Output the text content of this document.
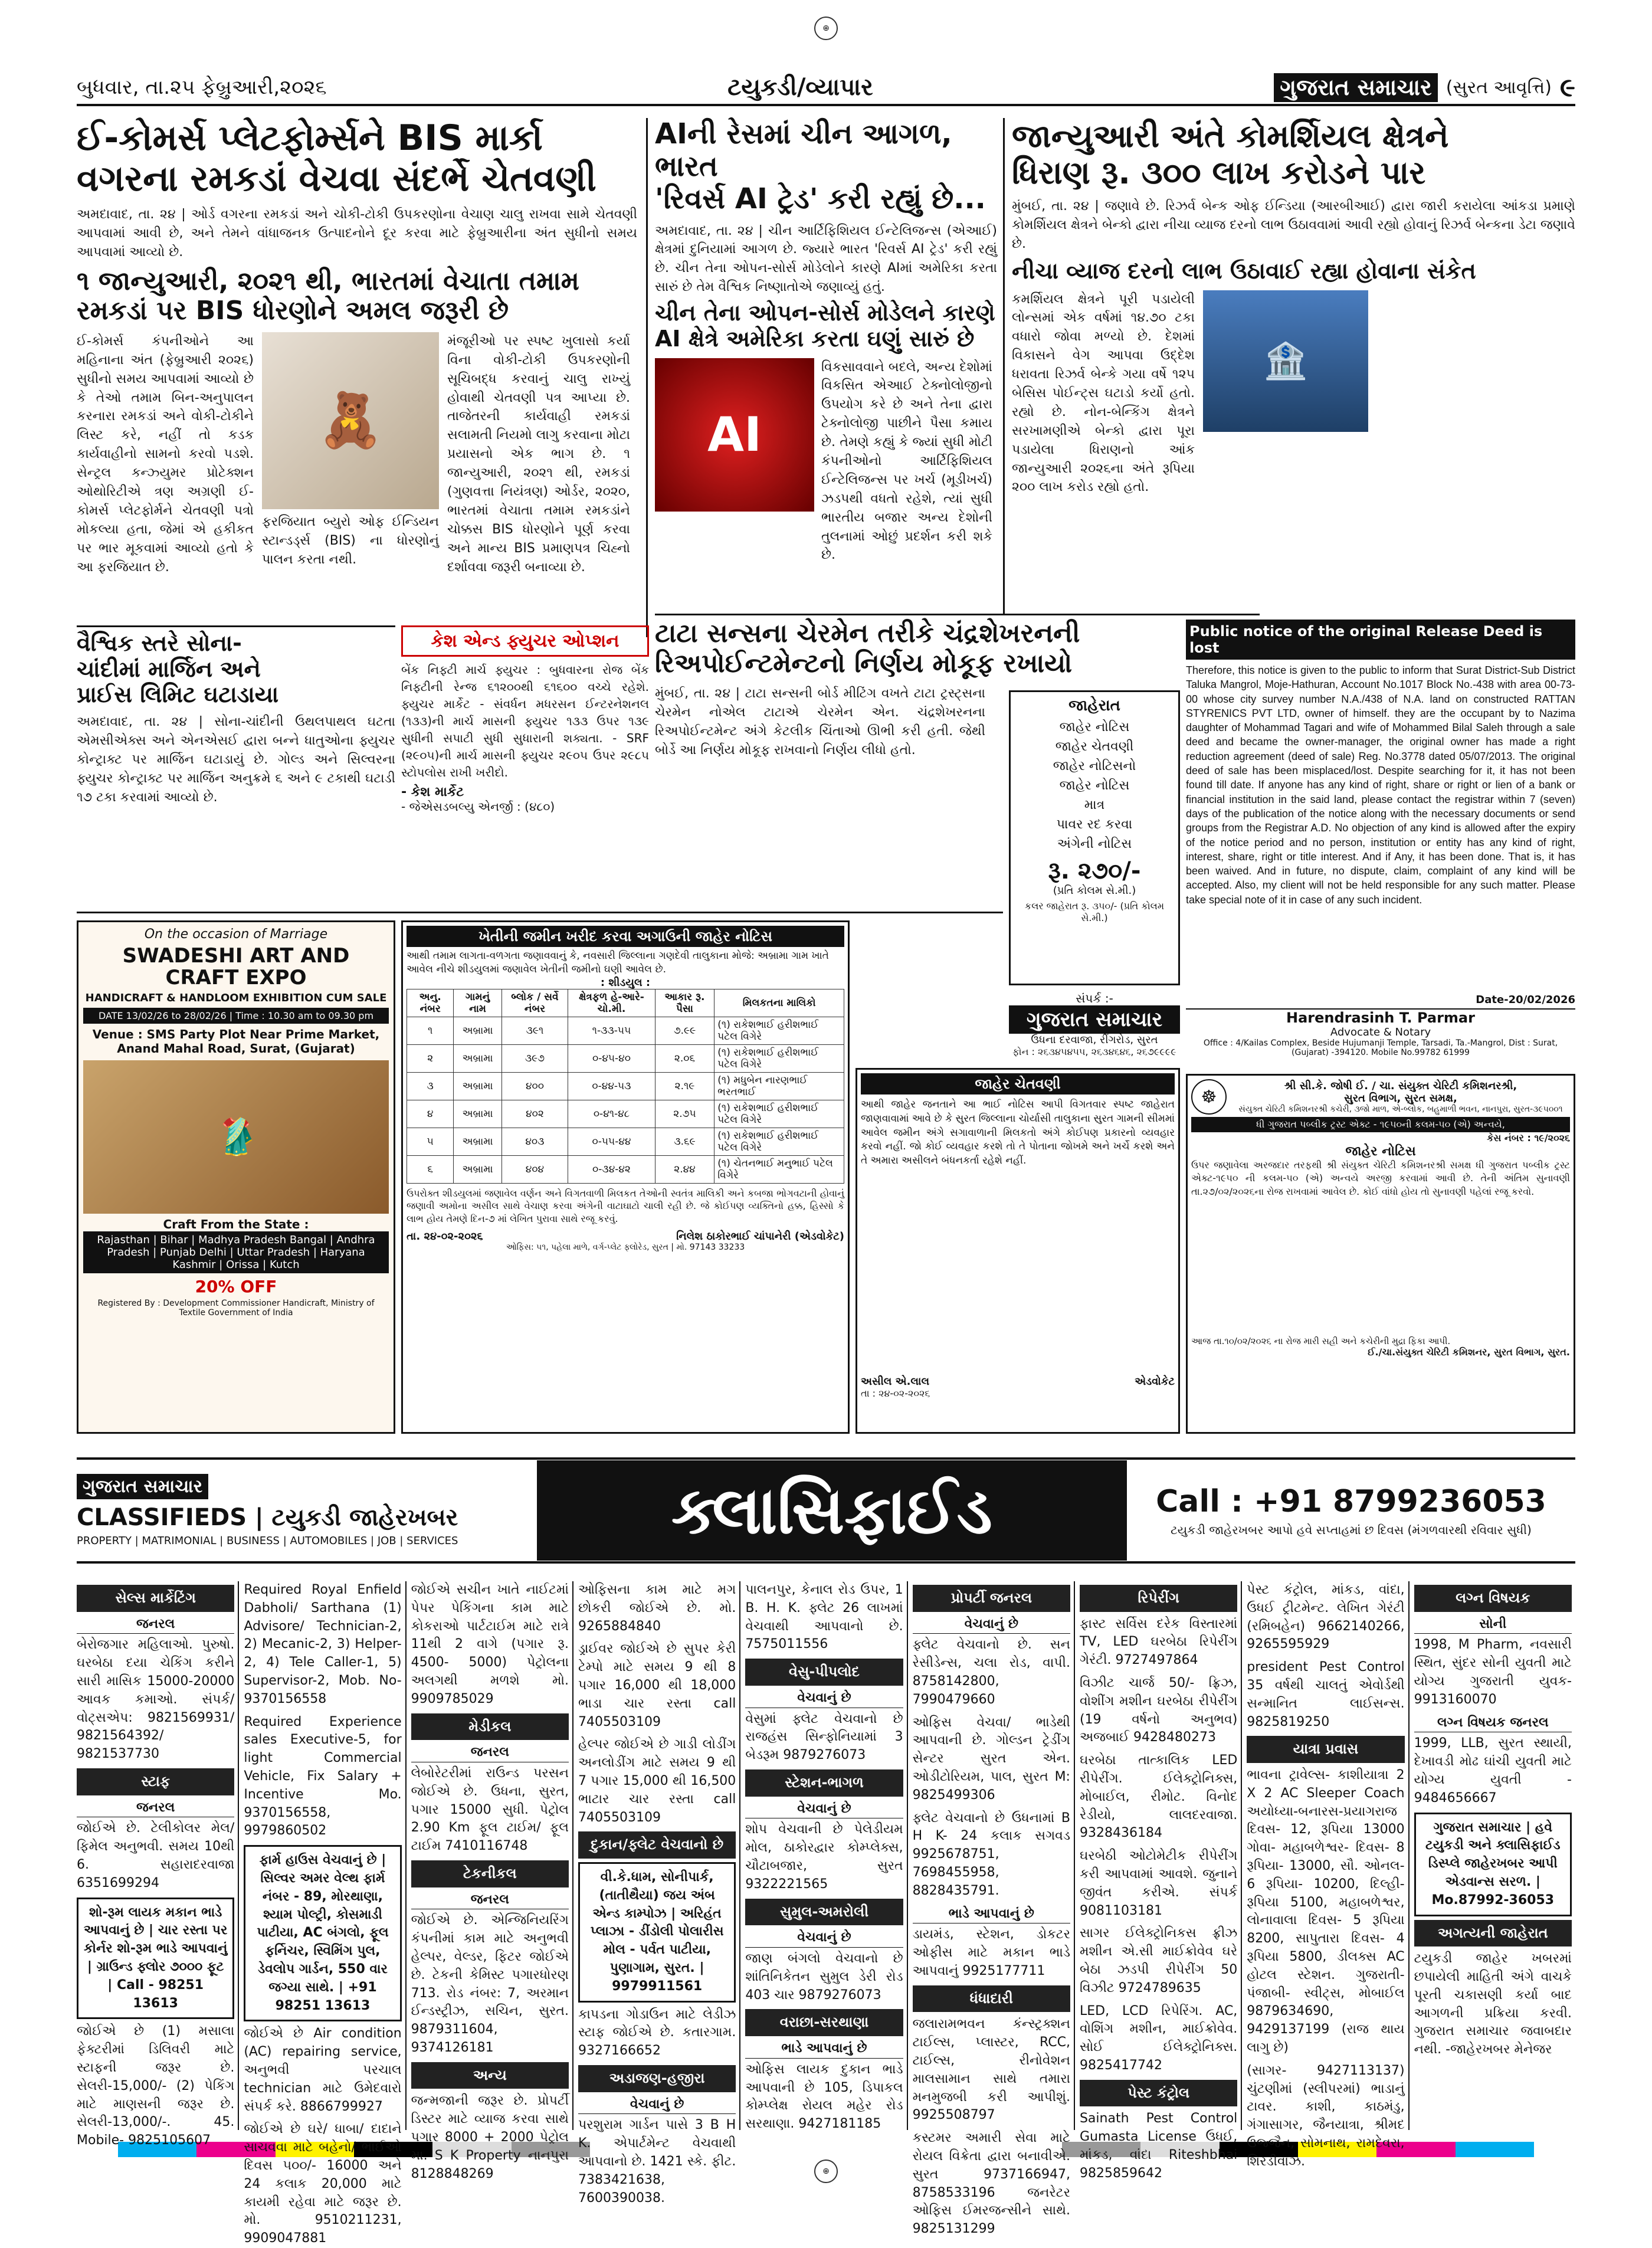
⊕
⊕
બુધવાર, તા.૨૫ ફેબ્રુઆરી,૨૦૨૬	ટયુકડી/વ્યાપાર	ગુજરાત સમાચાર (સુરત આવૃત્તિ) ૯
ઈ-કોમર્સ પ્લેટફોર્મ્સને BIS માર્કા
વગરના રમકડાં વેચવા સંદર્ભે ચેતવણી
અમદાવાદ, તા. ૨૪ | ઓર્ડ વગરના રમકડાં અને ચોકી-ટોકી ઉપકરણોના વેચાણ ચાલુ રાખવા સામે ચેતવણી આપવામાં આવી છે, અને તેમને વાંધાજનક ઉત્પાદનોને દૂર કરવા માટે ફેબ્રુઆરીના અંત સુધીનો સમય આપવામાં આવ્યો છે.
૧ જાન્યુઆરી, ૨૦૨૧ થી, ભારતમાં વેચાતા તમામ
રમકડાં પર BIS ધોરણોને અમલ જરૂરી છે
ઈ-કોમર્સ કંપનીઓને આ મહિનાના અંત (ફેબ્રુઆરી ૨૦૨૬) સુધીનો સમય આપવામાં આવ્યો છે કે તેઓ તમામ બિન-અનુપાલન કરનારા રમકડાં અને વોકી-ટોકીને લિસ્ટ કરે, નહીં તો કડક કાર્યવાહીનો સામનો કરવો પડશે. સેન્ટ્રલ કન્ઝ્યુમર પ્રોટેક્શન ઓથોરિટીએ ત્રણ અગ્રણી ઈ-કોમર્સ પ્લેટફોર્મને ચેતવણી પત્રો મોકલ્યા હતા, જેમાં એ હકીકત પર ભાર મૂકવામાં આવ્યો હતો કે આ ફરજિયાત છે.
🧸
ફરજિયાત બ્યુરો ઓફ ઈન્ડિયન સ્ટાન્ડર્ડ્સ (BIS) ના ધોરણોનું પાલન કરતા નથી.
મંજૂરીઓ પર સ્પષ્ટ ખુલાસો કર્યા વિના વોકી-ટોકી ઉપકરણોની સૂચિબદ્ધ કરવાનું ચાલુ રાખ્યું હોવાથી ચેતવણી પત્ર આપ્યા છે. તાજેતરની કાર્યવાહી રમકડાં સલામતી નિયમો લાગુ કરવાના મોટા પ્રયાસનો એક ભાગ છે. ૧ જાન્યુઆરી, ૨૦૨૧ થી, રમકડાં (ગુણવત્તા નિયંત્રણ) ઓર્ડર, ૨૦૨૦, ભારતમાં વેચાતા તમામ રમકડાંને ચોક્કસ BIS ધોરણોને પૂર્ણ કરવા અને માન્ય BIS પ્રમાણપત્ર ચિહ્નો દર્શાવવા જરૂરી બનાવ્યા છે.
AIની રેસમાં ચીન આગળ, ભારત
'રિવર્સ AI ટ્રેડ' કરી રહ્યું છે...
અમદાવાદ, તા. ૨૪ | ચીન આર્ટિફિશિયલ ઈન્ટેલિજન્સ (એઆઈ) ક્ષેત્રમાં દુનિયામાં આગળ છે. જ્યારે ભારત 'રિવર્સ AI ટ્રેડ' કરી રહ્યું છે. ચીન તેના ઓપન-સોર્સ મોડેલોને કારણે AIમાં અમેરિકા કરતા સારું છે તેમ વૈશ્વિક નિષ્ણાતોએ જણાવ્યું હતું.
ચીન તેના ઓપન-સોર્સ મોડેલને કારણે
AI ક્ષેત્રે અમેરિકા કરતા ઘણું સારું છે
AI
વિકસાવવાને બદલે, અન્ય દેશોમાં વિકસિત એઆઈ ટેક્નોલોજીનો ઉપયોગ કરે છે અને તેના દ્વારા ટેક્નોલોજી પાછીને પૈસા કમાય છે. તેમણે કહ્યું કે જ્યાં સુધી મોટી કંપનીઓનો આર્ટિફિશિયલ ઈન્ટેલિજન્સ પર ખર્ચ (મૂડીખર્ચ) ઝડપથી વધતો રહેશે, ત્યાં સુધી ભારતીય બજાર અન્ય દેશોની તુલનામાં ઓછું પ્રદર્શન કરી શકે છે.
ટાટા સન્સના ચેરમેન તરીકે ચંદ્રશેખરનની
રિઅપોઈન્ટમેન્ટનો નિર્ણય મોકૂફ રખાયો
મુંબઈ, તા. ૨૪ | ટાટા સન્સની બોર્ડ મીટિંગ વખતે ટાટા ટ્રસ્ટ્સના ચેરમેન નોએલ ટાટાએ ચેરમેન એન. ચંદ્રશેખરનના રિઅપોઈન્ટમેન્ટ અંગે કેટલીક ચિંતાઓ ઊભી કરી હતી. જેથી બોર્ડે આ નિર્ણય મોકૂફ રાખવાનો નિર્ણય લીધો હતો.
જાન્યુઆરી અંતે કોમર્શિયલ ક્ષેત્રને
ધિરાણ રૂ. ૩૦૦ લાખ કરોડને પાર
મુંબઈ, તા. ૨૪ | જણાવે છે. રિઝર્વ બેન્ક ઓફ ઈન્ડિયા (આરબીઆઈ) દ્વારા જારી કરાયેલા આંકડા પ્રમાણે કોમર્શિયલ ક્ષેત્રને બેન્કો દ્વારા નીચા વ્યાજ દરનો લાભ ઉઠાવવામાં આવી રહ્યો હોવાનું રિઝર્વ બેન્કના ડેટા જણાવે છે.
નીચા વ્યાજ દરનો લાભ ઉઠાવાઈ રહ્યા હોવાના સંકેત
કમર્શિયલ ક્ષેત્રને પૂરી પડાયેલી લોન્સમાં એક વર્ષમાં ૧૪.૭૦ ટકા વધારો જોવા મળ્યો છે. દેશમાં વિકાસને વેગ આપવા ઉદ્દેશ ધરાવતા રિઝર્વ બેન્કે ગયા વર્ષે ૧૨૫ બેસિસ પોઈન્ટ્સ ઘટાડો કર્યો હતો. રહ્યો છે. નોન-બેન્કિંગ ક્ષેત્રને સરખામણીએ બેન્કો દ્વારા પૂરા પડાયેલા ધિરાણનો આંક જાન્યુઆરી ૨૦૨૬ના અંતે રૂપિયા ૨૦૦ લાખ કરોડ રહ્યો હતો.
🏦
વૈશ્વિક સ્તરે સોના-
ચાંદીમાં માર્જિન અને
પ્રાઈસ લિમિટ ઘટાડાયા
અમદાવાદ, તા. ૨૪ | સોના-ચાંદીની ઉથલપાથલ ઘટતા એમસીએક્સ અને એનએસઈ દ્વારા બન્ને ધાતુઓના ફ્યુચર કોન્ટ્રાક્ટ પર માર્જિન ઘટાડાયું છે. ગોલ્ડ અને સિલ્વરના ફ્યુચર કોન્ટ્રાક્ટ પર માર્જિન અનુક્રમે ૬ અને ૯ ટકાથી ઘટાડી ૧૭ ટકા કરવામાં આવ્યો છે.
કેશ એન્ડ ફ્યુચર ઓપ્શન
બેંક નિફ્ટી માર્ચ ફ્યુચર : બુધવારના રોજ બેંક નિફ્ટીની રેન્જ ૬૧૨૦૦થી ૬૧૬૦૦ વચ્ચે રહેશે. ફ્યુચર માર્કેટ - સંવર્ધન મધરસન ઈન્ટરનેશનલ (૧૩૩)ની માર્ચ માસની ફ્યુચર ૧૩૩ ઉપર ૧૩૯ સુધીની સપાટી સુધી સુધારાની શક્યતા. - SRF (૨૯૦૫)ની માર્ચ માસની ફ્યુચર ૨૯૦૫ ઉપર ૨૯૮૫ સ્ટોપલોસ રાખી ખરીદો.
- કેશ માર્કેટ
- જેએસડબલ્યુ એનર્જી : (૪૮૦)
જાહેરાત
જાહેર નોટિસ
જાહેર ચેતવણી
જાહેર નોટિસનો
જાહેર નોટિસ
માત્ર
પાવર રદ કરવા
અંગેની નોટિસ
રૂ. ૨૭૦/-
(પ્રતિ કોલમ સે.મી.)
કલર જાહેરાત રૂ. ૩૫૦/- (પ્રતિ કોલમ સે.મી.)
સંપર્ક :-
ગુજરાત સમાચાર
ઉધના દરવાજા, રીંગરોડ, સુરત
ફોન : ૨૬૩૪૫૪૫૫, ૨૬૩૪૬૪૬, ૨૬૭૯૯૯૯
Public notice of the original Release Deed is lost
Therefore, this notice is given to the public to inform that Surat District-Sub District Taluka Mangrol, Moje-Hathuran, Account No.1017 Block No.-438 with area 00-73-00 whose city survey number N.A./438 of N.A. land on constructed RATTAN STYRENICS PVT LTD, owner of himself. they are the occupant by to Nazima daughter of Mohammad Tagari and wife of Mohammed Bilal Saleh through a sale deed and became the owner-manager, the original owner has made a right reduction agreement (deed of sale) Reg. No.3778 dated 05/07/2013. The original deed of sale has been misplaced/lost. Despite searching for it, it has not been found till date. If anyone has any kind of right, share or right or lien of a bank or financial institution in the said land, please contact the registrar within 7 (seven) days of the publication of the notice along with the necessary documents or send groups from the Registrar A.D. No objection of any kind is allowed after the expiry of the notice period and no person, institution or entity has any kind of right, interest, share, right or title interest. And if Any, it has been done. That is, it has been waived. And in future, no dispute, claim, complaint of any kind will be accepted. Also, my client will not be held responsible for any such matter. Please take special note of it in case of any such incident.
Date-20/02/2026
Harendrasinh T. Parmar
Advocate & Notary
Office : 4/Kailas Complex, Beside Hujumanji Temple, Tarsadi, Ta.-Mangrol, Dist : Surat, (Gujarat) -394120. Mobile No.99782 61999
On the occasion of Marriage
SWADESHI ART AND CRAFT EXPO
HANDICRAFT & HANDLOOM EXHIBITION CUM SALE
DATE 13/02/26 to 28/02/26 | Time : 10.30 am to 09.30 pm
Venue : SMS Party Plot Near Prime Market, Anand Mahal Road, Surat, (Gujarat)
🥻
Craft From the State :
Rajasthan | Bihar | Madhya Pradesh Bangal | Andhra Pradesh | Punjab Delhi | Uttar Pradesh | Haryana Kashmir | Orissa | Kutch
20% OFF
Registered By : Development Commissioner Handicraft, Ministry of Textile Government of India
ખેતીની જમીન ખરીદ કરવા અગાઉની જાહેર નોટિસ
આથી તમામ લાગતા-વળગતા જણાવવાનું કે, નવસારી જિલ્લાના ગણદેવી તાલુકાના મોજે: અબ્રામા ગામ ખાતે આવેલ નીચે શીડયુલમાં જણાવેલ ખેતીની જમીનો ઘણી આવેલ છે.
: શીડયુલ :
અનુ. નંબર	ગામનું નામ	બ્લોક / સર્વે નંબર	ક્ષેત્રફળ હે-આરે-ચો.મી.	આકાર રૂ. પૈસા	મિલકતના માલિકો
૧	અબ્રામા	૩૯૧	૧-૩૩-૫૫	૭.૯૯	(૧) રાકેશભાઈ હરીશભાઈ પટેલ વિગેરે
૨	અબ્રામા	૩૯૭	૦-૪૫-૪૦	૨.૦૬	(૧) રાકેશભાઈ હરીશભાઈ પટેલ વિગેરે
૩	અબ્રામા	૪૦૦	૦-૪૪-૫૩	૨.૧૯	(૧) મધુબેન નારણભાઈ ભરતભાઈ
૪	અબ્રામા	૪૦૨	૦-૪૧-૪૮	૨.૭૫	(૧) રાકેશભાઈ હરીશભાઈ પટેલ વિગેરે
૫	અબ્રામા	૪૦૩	૦-૫૫-૪૪	૩.૬૯	(૧) રાકેશભાઈ હરીશભાઈ પટેલ વિગેરે
૬	અબ્રામા	૪૦૪	૦-૩૪-૪૨	૨.૪૪	(૧) ચેતનભાઈ મનુભાઈ પટેલ વિગેરે
ઉપરોક્ત શીડયુલમાં જણાવેલ વર્ણન અને વિગતવાળી મિલકત તેઓની સ્વતંત્ર માલિકી અને કબજા ભોગવટાની હોવાનું જણાવી અમોના અસીલ સાથે વેચાણ કરવા અંગેની વાટાઘાટો ચાલી રહી છે. જે કોઈપણ વ્યક્તિનો હક્ક, હિસ્સો કે લાભ હોય તેમણે દિન-૭ માં લેખિત પુરાવા સાથે રજૂ કરવું.
તા. ૨૪-૦૨-૨૦૨૬	નિલેશ ઠાકોરભાઈ ચાંપાનેરી (એડવોકેટ)
ઓફિસ: ૫૧, પહેલા માળે, વર્ગ-પ્લેટ ફ્લોરેડ, સુરત | મો. 97143 33233
જાહેર ચેતવણી
આથી જાહેર જનતાને આ ભાઈ નોટિસ આપી વિગતવાર સ્પષ્ટ જાહેરાત જાણવાવામાં આવે છે કે સુરત જિલ્લાના ચોર્યાસી તાલુકાના સુરત ગામની સીમમાં આવેલ જમીન અંગે સગાવાળાની મિલકતો અંગે કોઈપણ પ્રકારનો વ્યવહાર કરવો નહીં. જો કોઈ વ્યવહાર કરશે તો તે પોતાના જોખમે અને ખર્ચે કરશે અને તે અમારા અસીલને બંધનકર્તા રહેશે નહીં.
અસીલ એ.લાલ	એડવોકેટ
તા : ૨૪-૦૨-૨૦૨૬
☸
શ્રી સી.કે. જોષી ઈ. / ચા. સંયુક્ત ચેરિટી કમિશનરશ્રી,
સુરત વિભાગ, સુરત સમક્ષ,
સંયુક્ત ચેરિટી કમિશનરશ્રી કચેરી, ૩જો માળ, એ-બ્લોક, બહુમાળી ભવન, નાનપુરા, સુરત-૩૯૫૦૦૧
ધી ગુજરાત પબ્લીક ટ્રસ્ટ એક્ટ - ૧૯૫૦ની કલમ-૫૦ (એ) અન્વયે,
કેસ નંબર : ૧૯/૨૦૨૬
જાહેર નોટિસ
ઉપર જણાવેલા અરજદાર તરફથી શ્રી સંયુક્ત ચેરિટી કમિશનરશ્રી સમક્ષ ધી ગુજરાત પબ્લીક ટ્રસ્ટ એક્ટ-૧૯૫૦ ની કલમ-૫૦ (એ) અન્વયે અરજી કરવામાં આવી છે. તેની અંતિમ સુનાવણી તા.૨૭/૦૨/૨૦૨૬ના રોજ રાખવામાં આવેલ છે. કોઈ વાંધો હોય તો સુનાવણી પહેલાં રજૂ કરવો.
આજ તા.૧૦/૦૨/૨૦૨૬ ના રોજ મારી સહી અને કચેરીની મુદ્રા ફિકા આપી.
ઈ./ચા.સંયુક્ત ચેરિટી કમિશનર, સુરત વિભાગ, સુરત.
ગુજરાત સમાચાર
CLASSIFIEDS | ટયુકડી જાહેરખબર
PROPERTY | MATRIMONIAL | BUSINESS | AUTOMOBILES | JOB | SERVICES	ક્લાસિફાઈડ	Call : +91 8799236053
ટયુકડી જાહેરખબર આપો હવે સપ્તાહમાં છ દિવસ (મંગળવારથી રવિવાર સુધી)
સેલ્સ માર્કેટિંગ
જનરલ
બેરોજગાર મહિલાઓ. પુરુષો. ઘરબેઠા દયા ચેકિંગ કરીને સારી માસિક 15000-20000 આવક કમાઓ. સંપર્ક/ વોટ્સએપ: 9821569931/ 9821564392/ 9821537730
સ્ટાફ
જનરલ
જોઈએ છે. ટેલીકોલર મેલ/ફિમેલ અનુભવી. સમય 10થી 6. સહારાદરવાજા 6351699294
શો-રૂમ લાયક મકાન ભાડે આપવાનું છે | ચાર રસ્તા પર કોર્નર શો-રૂમ ભાડે આપવાનું | ગ્રાઉન્ડ ફ્લોર ૭૦૦૦ ફૂટ | Call - 98251 13613
જોઈએ છે (1) મસાલા ફેક્ટરીમાં ડિલિવરી માટે સ્ટાફની જરૂર છે. સેલરી-15,000/- (2) પેકિંગ માટે માણસની જરૂર છે. સેલરી-13,000/-. 45. Mobile- 9825105607
Required Royal Enfield Dabholi/ Sarthana (1) Advisore/ Technician-2, 2) Mecanic-2, 3) Helper-2, 4) Tele Caller-1, 5) Supervisor-2, Mob. No-9370156558
Required Experience sales Executive-5, for light Commercial Vehicle, Fix Salary + Incentive Mo. 9370156558, 9979860502
ફાર્મ હાઉસ વેચવાનું છે | સિલ્વર અમર વેલ્થ ફાર્મ નંબર - 89, મોરથાણા, શ્યામ પોલ્ટ્રી, કોસમાડી પાટીયા, AC બંગલો, ફૂલ ફર્નિચર, સ્વિમિંગ પુલ, ડેવલોપ ગાર્ડન, 550 વાર જગ્યા સાથે. | +91 98251 13613
જોઈએ છે Air condition (AC) repairing service, અનુભવી પરચાલ technician માટે ઉમેદવારો સંપર્ક કરે. 8866799927
જોઈએ છે ઘરે/ ધાબા/ દાદાને સાચવવા માટે બહેનો/ ભાઈઓ દિવસ ૫૦૦/- 16000 અને 24 કલાક 20,000 માટે કાયમી રહેવા માટે જરૂર છે. મો. 9510211231, 9909047881
જોઈએ સચીન ખાતે નાઈટમાં પેપર પેકિંગના કામ માટે કોકરાઓ પાર્ટટાઈમ માટે રાત્રે 11થી 2 વાગે (પગાર રૂ. 4500- 5000) પેટ્રોલના અલગથી મળશે મો. 9909785029
મેડીકલ
જનરલ
લેબોરેટરીમાં રાઉન્ડ પરસન જોઈએ છે. ઉધના, સુરત, પગાર 15000 સુધી. પેટ્રોલ 2.90 Km ફૂલ ટાઈમ/ ફૂલ ટાઈમ 7410116748
ટેકનીકલ
જનરલ
જોઈએ છે. એન્જિનિયરિંગ કંપનીમાં કામ માટે અનુભવી હેલ્પર, વેલ્ડર, ફિટર જોઈએ છે. ટેકની કેમિસ્ટ પગારધોરણ 713. રોડ નંબર: 7, અરમાન ઈન્ડસ્ટ્રીઝ, સચિન, સુરત. 9879311604, 9374126181
અન્ય
જન્મજાની જરૂર છે. પ્રોપર્ટી ડિસ્ટર માટે વ્યાજ કરવા સાથે પગાર 8000 + 2000 પેટ્રોલ મા. S K Property નાનપુરા 8128848269
ઓફિસના કામ માટે મગ છોકરી જોઈએ છે. મો. 9265884840
ડ્રાઈવર જોઈએ છે સુપર કેરી ટેમ્પો માટે સમય 9 થી 8 પગાર 16,000 થી 18,000 ભાડા ચાર રસ્તા call 7405503109
હેલ્પર જોઈએ છે ગાડી લોડીંગ અનલોડીંગ માટે સમય 9 થી 7 પગાર 15,000 થી 16,500 ભાટાર ચાર રસ્તા call 7405503109
દુકાન/ફ્લેટ વેચવાનો છે
વી.કે.ધામ, સોનીપાર્ક, (તાતીથૈયા) જય અંબ એન્ડ કામ્પોઝ | અરિહંત પ્લાઝા - ડીંડોલી પોલારીસ મોલ - પર્વત પાટીયા, પુણાગામ, સુરત. | 9979911561
કાપડના ગોડાઉન માટે લેડીઝ સ્ટાફ જોઈએ છે. કતારગામ. 9327166652
અડાજણ-હજીરા
વેચવાનું છે
પરશુરામ ગાર્ડન પાસે 3 B H K. એપાર્ટમેન્ટ વેચવાથી આપવાનો છે. 1421 સ્કે. ફીટ. 7383421638, 7600390038.
પાલનપુર, કેનાલ રોડ ઉપર, 1 B. H. K. ફ્લેટ 26 લાખમાં વેચવાથી આપવાનો છે. 7575011556
વેસુ-પીપલોદ
વેચવાનું છે
વેસુમાં ફ્લેટ વેચવાનો છે રાજહંસ સિન્ફોનિયામાં 3 બેડરૂમ 9879276073
સ્ટેશન-ભાગળ
વેચવાનું છે
શોપ વેચવાની છે પેલેડીયમ મોલ, ઠાકોરદ્વાર કોમ્પ્લેક્સ, ચૌટાબજાર, સુરત 9322221565
સુમુલ-અમરોલી
વેચવાનું છે
જાણ બંગલો વેચવાનો છે શાંતિનિકેતન સુમુલ ડેરી રોડ 403 ચાર 9879276073
વરાછા-સરથાણા
ભાડે આપવાનું છે
ઓફિસ લાયક દુકાન ભાડે આપવાની છે 105, ડિપાકલ કોમ્પ્લેક્ષ રોયલ મહેર રોડ સરથાણા. 9427181185
પ્રોપર્ટી જનરલ
વેચવાનું છે
ફ્લેટ વેચવાનો છે. સન રેસીડેન્સ, ચલા રોડ, વાપી. 8758142800, 7990479660
ઓફિસ વેચવા/ ભાડેથી આપવાની છે. ગોલ્ડન ટ્રેડીંગ સેન્ટર સુરત એન. ઓડીટોરિયમ, પાલ, સુરત M: 9825499306
ફ્લેટ વેચવાનો છે ઉધનામાં B H K- 24 કલાક સગવડ 9925678751, 7698455958, 8828435791.
ભાડે આપવાનું છે
ડાયમંડ, સ્ટેશન, ડોકટર ઓફીસ માટે મકાન ભાડે આપવાનું 9925177711
ધંધાદારી
જલારામભવન કંન્સ્ટ્રક્શન ટાઈલ્સ, પ્લાસ્ટર, RCC, ટાઈલ્સ, રીનોવેશન માલસામાન સાથે તમારા મનમુજબી કરી આપીશું. 9925508797
કસ્ટમર અમારી સેવા માટે રોયલ વિક્રેતા દ્વારા બનાવીએ. સુરત 9737166947, 8758533196 જનરેટર ઓફિસ ઈમરજન્સીને સાથે. 9825131299
રિપેરીંગ
ફાસ્ટ સર્વિસ દરેક વિસ્તારમાં TV, LED ઘરબેઠા રિપેરીંગ ગેરંટી. 9727497864
વિઝીટ ચાર્જ 50/- ફ્રિઝ, વોશીંગ મશીન ઘરબેઠા રીપેરીંગ (19 વર્ષનો અનુભવ) અજબાઈ 9428480273
ઘરબેઠા તાત્કાલિક LED રીપેરીંગ. ઈલેક્ટ્રોનિક્સ, મોબાઈલ, રીમોટ. વિનોદ રેડીયો, લાલદરવાજા. 9328436184
ઘરબેઠી ઓટોમેટીક રીપેરીંગ કરી આપવામાં આવશે. જુનાને જીવંત કરીએ. સંપર્ક 9081103181
સાગર ઈલેક્ટ્રોનિકસ ફ્રીઝ મશીન એ.સી માઈક્રોવેવ ઘરે બેઠા ઝડપી રીપેરીંગ 50 વિઝીટ 9724789635
LED, LCD રિપેરિંગ. AC, વોશિંગ મશીન, માઈક્રોવેવ. સોઈ ઈલેક્ટ્રોનિક્સ. 9825417742
પેસ્ટ કંટ્રોલ
Sainath Pest Control Gumasta License ઉધઈ, માંકડ, વાંદા Riteshbhai 9825859642
પેસ્ટ કંટ્રોલ, માંકડ, વાંદા, ઉધઈ ટ્રીટમેન્ટ. લેખિત ગેરંટી (રમિબહેન) 9662140266, 9265595929
president Pest Control 35 વર્ષથી ચાલતું એવોર્ડથી સન્માનિત લાઈસન્સ. 9825819250
યાત્રા પ્રવાસ
ભાવના ટ્રાવેલ્સ- કાશીયાત્રા 2 X 2 AC Sleeper Coach અયોધ્યા-બનારસ-પ્રયાગરાજ દિવસ- 12, રૂપિયા 13000 ગોવા- મહાબળેશ્વર- દિવસ- 8 રૂપિયા- 13000, સૌ. ઓનલ- 6 રૂપિયા- 10200, દિલ્હી- રૂપિયા 5100, મહાબળેશ્વર, લોનાવાલા દિવસ- 5 રૂપિયા 8200, સાપુતારા દિવસ- 4 રૂપિયા 5800, ડીલક્સ AC હોટલ સ્ટેશન. ગુજરાતી- પંજાબી- સ્વીટ્સ, મોબાઈલ 9879634690, 9429137199 (રાજ થાય લાગુ છે)
(સાગર- 9427113137) ચુંટણીમાં (સ્લીપરમાં) ભાડાનું ટાવર. કાશી, કાઠમંડુ, ગંગાસાગર, જૈનયાત્રા, શ્રીમદ ઉજ્જૈન, સોમનાથ, રામદેવરા, શિરડીવાઝ.
લગ્ન વિષયક
સોની
1998, M Pharm, નવસારી સ્થિત, સુંદર સોની યુવતી માટે યોગ્ય ગુજરાતી યુવક- 9913160070
લગ્ન વિષયક જનરલ
1999, LLB, સુરત સ્થાયી, દેખાવડી મોઢ ઘાંચી યુવતી માટે યોગ્ય યુવતી - 9484656667
ગુજરાત સમાચાર | હવે ટયુકડી અને ક્લાસિફાઈડ ડિસ્પ્લે જાહેરખબર આપી એડવાન્સ સરળ. | Mo.87992-36053
અગત્યની જાહેરાત
ટયુકડી જાહેર ખબરમાં છપાયેલી માહિતી અંગે વાચકે પૂરતી ચકાસણી કર્યા બાદ આગળની પ્રક્રિયા કરવી. ગુજરાત સમાચાર જવાબદાર નથી. -જાહેરખબર મેનેજર
